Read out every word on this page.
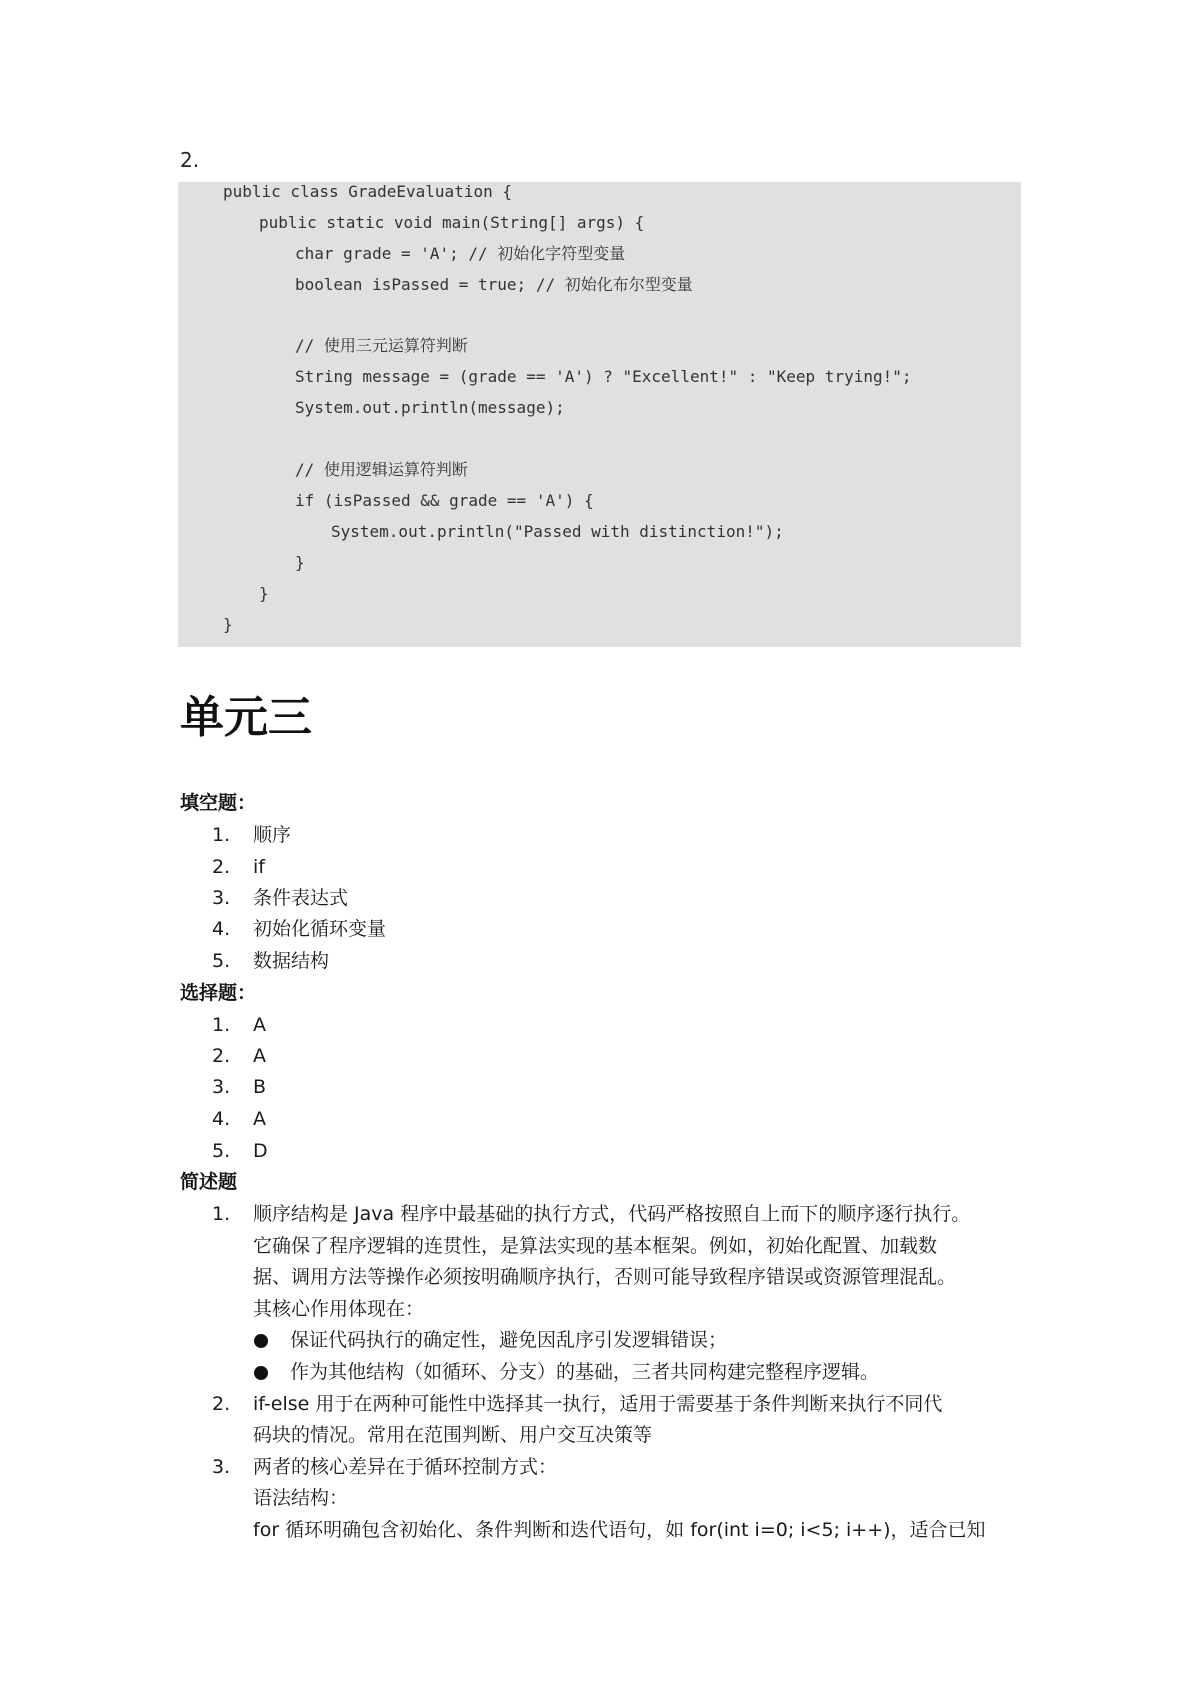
2.
public class GradeEvaluation {
public static void main(String[] args) {
char grade = 'A'; // 初始化字符型变量
boolean isPassed = true; // 初始化布尔型变量
// 使用三元运算符判断
String message = (grade == 'A') ? "Excellent!" : "Keep trying!";
System.out.println(message);
// 使用逻辑运算符判断
if (isPassed && grade == 'A') {
System.out.println("Passed with distinction!");
}
}
}
单元三
填空题：
1.	顺序
2.	if
3.	条件表达式
4.	初始化循环变量
5.	数据结构
选择题：
1.	A
2.	A
3.	B
4.	A
5.	D
简述题
1.	顺序结构是 Java 程序中最基础的执行方式，代码严格按照自上而下的顺序逐行执行。
它确保了程序逻辑的连贯性，是算法实现的基本框架。例如，初始化配置、加载数
据、调用方法等操作必须按明确顺序执行，否则可能导致程序错误或资源管理混乱。
其核心作用体现在：
保证代码执行的确定性，避免因乱序引发逻辑错误；
作为其他结构（如循环、分支）的基础，三者共同构建完整程序逻辑。
2.	if-else 用于在两种可能性中选择其一执行，适用于需要基于条件判断来执行不同代
码块的情况。常用在范围判断、用户交互决策等
3.	两者的核心差异在于循环控制方式：
语法结构：
for 循环明确包含初始化、条件判断和迭代语句，如 for(int i=0; i<5; i++)，适合已知
